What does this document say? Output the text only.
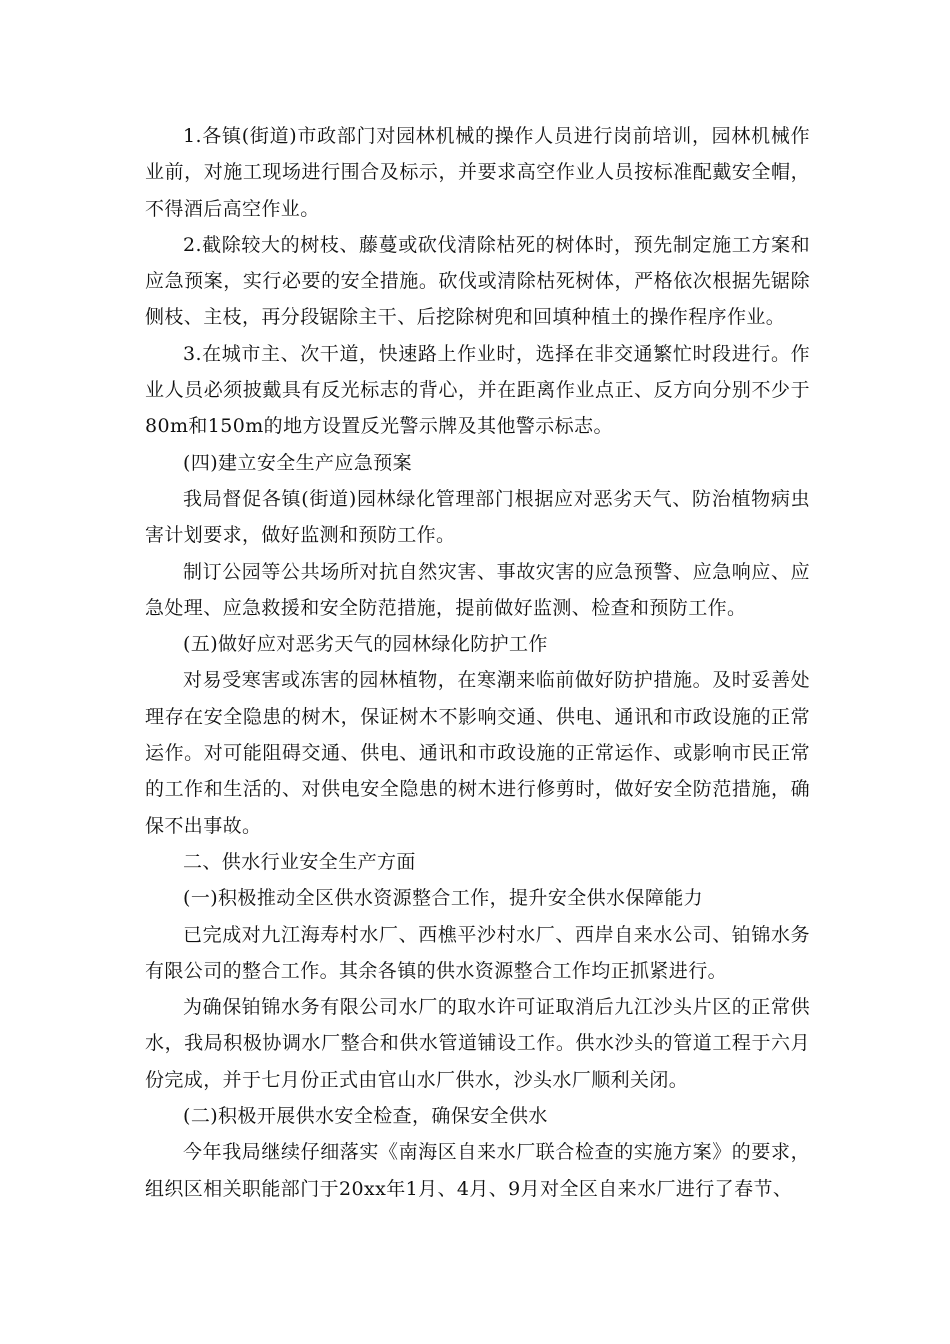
1.各镇(街道)市政部门对园林机械的操作人员进行岗前培训，园林机械作业前，对施工现场进行围合及标示，并要求高空作业人员按标准配戴安全帽，不得酒后高空作业。

2.截除较大的树枝、藤蔓或砍伐清除枯死的树体时，预先制定施工方案和应急预案，实行必要的安全措施。砍伐或清除枯死树体，严格依次根据先锯除侧枝、主枝，再分段锯除主干、后挖除树兜和回填种植土的操作程序作业。

3.在城市主、次干道，快速路上作业时，选择在非交通繁忙时段进行。作业人员必须披戴具有反光标志的背心，并在距离作业点正、反方向分别不少于80m和150m的地方设置反光警示牌及其他警示标志。

(四)建立安全生产应急预案

我局督促各镇(街道)园林绿化管理部门根据应对恶劣天气、防治植物病虫害计划要求，做好监测和预防工作。

制订公园等公共场所对抗自然灾害、事故灾害的应急预警、应急响应、应急处理、应急救援和安全防范措施，提前做好监测、检查和预防工作。

(五)做好应对恶劣天气的园林绿化防护工作

对易受寒害或冻害的园林植物，在寒潮来临前做好防护措施。及时妥善处理存在安全隐患的树木，保证树木不影响交通、供电、通讯和市政设施的正常运作。对可能阻碍交通、供电、通讯和市政设施的正常运作、或影响市民正常的工作和生活的、对供电安全隐患的树木进行修剪时，做好安全防范措施，确保不出事故。

二、供水行业安全生产方面

(一)积极推动全区供水资源整合工作，提升安全供水保障能力

已完成对九江海寿村水厂、西樵平沙村水厂、西岸自来水公司、铂锦水务有限公司的整合工作。其余各镇的供水资源整合工作均正抓紧进行。

为确保铂锦水务有限公司水厂的取水许可证取消后九江沙头片区的正常供水，我局积极协调水厂整合和供水管道铺设工作。供水沙头的管道工程于六月份完成，并于七月份正式由官山水厂供水，沙头水厂顺利关闭。

(二)积极开展供水安全检查，确保安全供水

今年我局继续仔细落实《南海区自来水厂联合检查的实施方案》的要求，组织区相关职能部门于20xx年1月、4月、9月对全区自来水厂进行了春节、
